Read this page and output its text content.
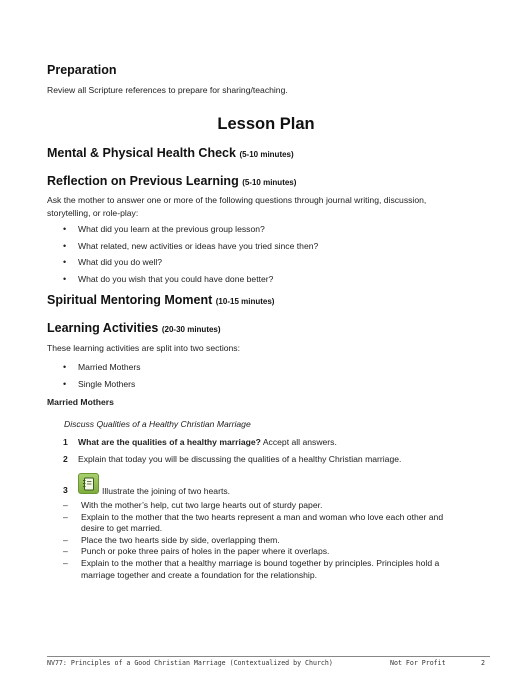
Preparation
Review all Scripture references to prepare for sharing/teaching.
Lesson Plan
Mental & Physical Health Check (5-10 minutes)
Reflection on Previous Learning (5-10 minutes)
Ask the mother to answer one or more of the following questions through journal writing, discussion,
storytelling, or role-play:
• What did you learn at the previous group lesson?
• What related, new activities or ideas have you tried since then?
• What did you do well?
• What do you wish that you could have done better?
Spiritual Mentoring Moment (10-15 minutes)
Learning Activities (20-30 minutes)
These learning activities are split into two sections:
• Married Mothers
• Single Mothers
Married Mothers
Discuss Qualities of a Healthy Christian Marriage
1 What are the qualities of a healthy marriage? Accept all answers.
2 Explain that today you will be discussing the qualities of a healthy Christian marriage.
3	Illustrate the joining of two hearts.
– With the mother’s help, cut two large hearts out of sturdy paper.
– Explain to the mother that the two hearts represent a man and woman who love each other and
desire to get married.
– Place the two hearts side by side, overlapping them.
– Punch or poke three pairs of holes in the paper where it overlaps.
– Explain to the mother that a healthy marriage is bound together by principles. Principles hold a
marriage together and create a foundation for the relationship.
NV77: Principles of a Good Christian Marriage (Contextualized by Church)	Not For Profit	2
